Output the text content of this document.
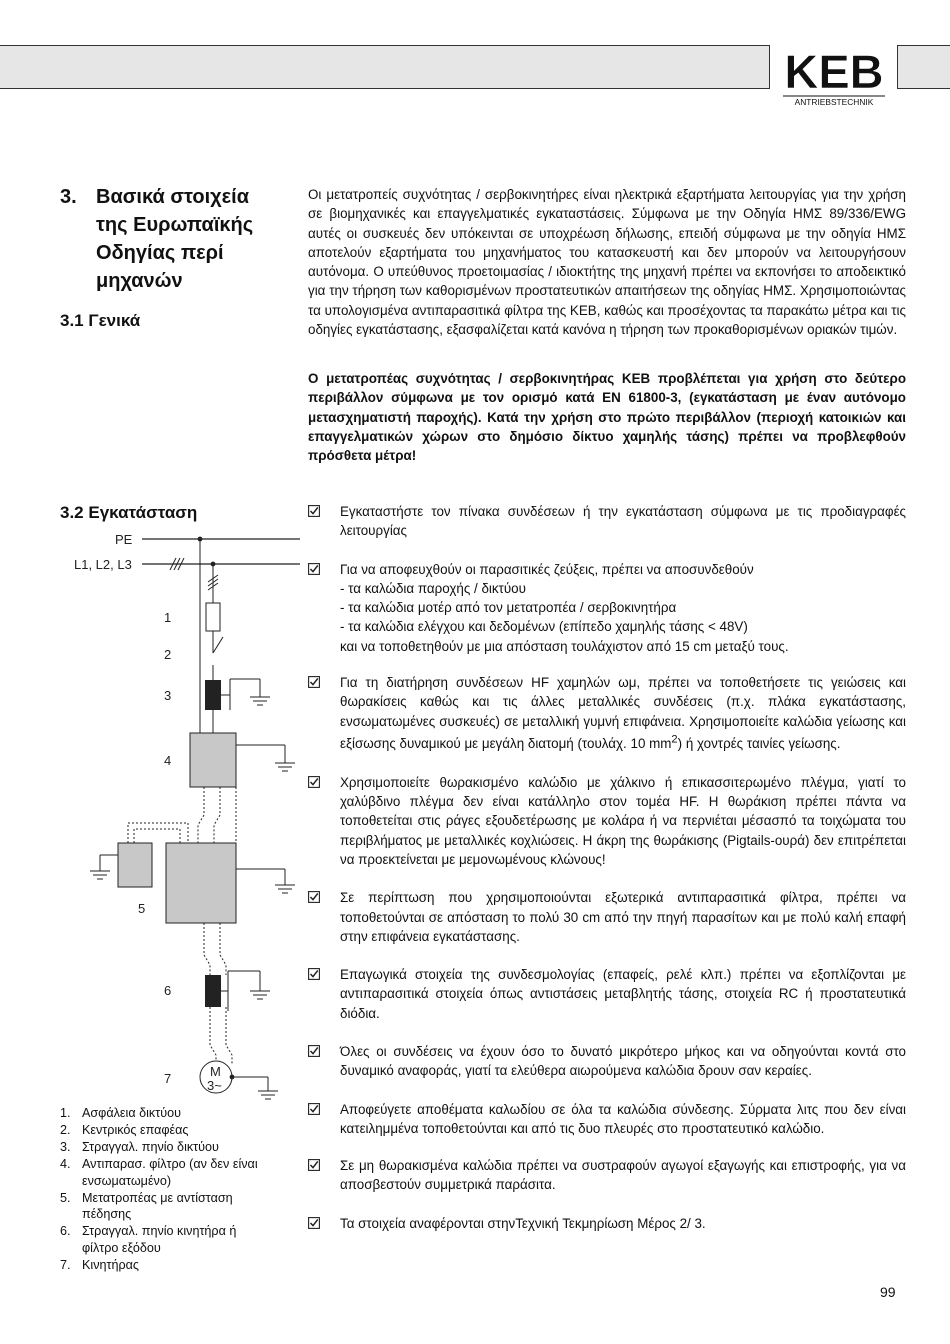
KEB
ANTRIEBSTECHNIK
3. Βασικά στοιχεία της Ευρωπαϊκής Οδηγίας περί μηχανών
3.1 Γενικά

Οι μετατροπείς συχνότητας / σερβοκινητήρες είναι ηλεκτρικά εξαρτήματα λειτουργίας για την χρήση σε βιομηχανικές και επαγγελματικές εγκαταστάσεις. Σύμφωνα με την Οδηγία ΗΜΣ 89/336/EWG αυτές οι συσκευές δεν υπόκεινται σε υποχρέωση δήλωσης, επειδή σύμφωνα με την οδηγία ΗΜΣ αποτελούν εξαρτήματα του μηχανήματος του κατασκευστή και δεν μπορούν να λειτουργήσουν αυτόνομα. Ο υπεύθυνος προετοιμασίας / ιδιοκτήτης της μηχανή πρέπει να εκπονήσει το αποδεικτικό για την τήρηση των καθορισμένων προστατευτικών απαιτήσεων της οδηγίας ΗΜΣ. Χρησιμοποιώντας τα υπολογισμένα αντιπαρασιτικά φίλτρα της KEB, καθώς και προσέχοντας τα παρακάτω μέτρα και τις οδηγίες εγκατάστασης, εξασφαλίζεται κατά κανόνα η τήρηση των προκαθορισμένων οριακών τιμών.

Ο μετατροπέας συχνότητας / σερβοκινητήρας KEB προβλέπεται για χρήση στο δεύτερο περιβάλλον σύμφωνα με τον ορισμό κατά EN 61800-3, (εγκατάσταση με έναν αυτόνομο μετασχηματιστή παροχής). Κατά την χρήση στο πρώτο περιβάλλον (περιοχή κατοικιών και επαγγελματικών χώρων στο δημόσιο δίκτυο χαμηλής τάσης) πρέπει να προβλεφθούν πρόσθετα μέτρα!

3.2 Εγκατάσταση	Εγκαταστήστε τον πίνακα συνδέσεων ή την εγκατάσταση σύμφωνα με τις προδιαγραφές λειτουργίας
Για να αποφευχθούν οι παρασιτικές ζεύξεις, πρέπει να αποσυνδεθούν
- τα καλώδια παροχής / δικτύου
- τα καλώδια μοτέρ από τον μετατροπέα / σερβοκινητήρα
- τα καλώδια ελέγχου και δεδομένων (επίπεδο χαμηλής τάσης < 48V)
και να τοποθετηθούν με μια απόσταση τουλάχιστον από 15 cm μεταξύ τους.
Για τη διατήρηση συνδέσεων HF χαμηλών ωμ, πρέπει να τοποθετήσετε τις γειώσεις και θωρακίσεις καθώς και τις άλλες μεταλλικές συνδέσεις (π.χ. πλάκα εγκατάστασης, ενσωματωμένες συσκευές) σε μεταλλική γυμνή επιφάνεια. Χρησιμοποιείτε καλώδια γείωσης και εξίσωσης δυναμικού με μεγάλη διατομή (τουλάχ. 10 $mm^2$) ή χοντρές ταινίες γείωσης.
Χρησιμοποιείτε θωρακισμένο καλώδιο με χάλκινο ή επικασσιτερωμένο πλέγμα, γιατί το χαλύβδινο πλέγμα δεν είναι κατάλληλο στον τομέα HF. Η θωράκιση πρέπει πάντα να τοποθετείται στις ράγες εξουδετέρωσης με κολάρα ή να περνιέται μέσασπό τα τοιχώματα του περιβλήματος με μεταλλικές κοχλιώσεις. Η άκρη της θωράκισης (Pigtails-ουρά) δεν επιτρέπεται να προεκτείνεται με μεμονωμένους κλώνους!
Σε περίπτωση που χρησιμοποιούνται εξωτερικά αντιπαρασιτικά φίλτρα, πρέπει να τοποθετούνται σε απόσταση το πολύ 30 cm από την πηγή παρασίτων και με πολύ καλή επαφή στην επιφάνεια εγκατάστασης.
Επαγωγικά στοιχεία της συνδεσμολογίας (επαφείς, ρελέ κλπ.) πρέπει να εξοπλίζονται με αντιπαρασιτικά στοιχεία όπως αντιστάσεις μεταβλητής τάσης, στοιχεία RC ή προστατευτικά διόδια.
Όλες οι συνδέσεις να έχουν όσο το δυνατό μικρότερο μήκος και να οδηγούνται κοντά στο δυναμικό αναφοράς, γιατί τα ελεύθερα αιωρούμενα καλώδια δρουν σαν κεραίες.
Αποφεύγετε αποθέματα καλωδίου σε όλα τα καλώδια σύνδεσης. Σύρματα λιτς που δεν είναι κατειλημμένα τοποθετούνται και από τις δυο πλευρές στο προστατευτικό καλώδιο.
Σε μη θωρακισμένα καλώδια πρέπει να συστραφούν αγωγοί εξαγωγής και επιστροφής, για να αποσβεστούν συμμετρικά παράσιτα.
Τα στοιχεία αναφέρονται στηνΤεχνική Τεκμηρίωση Μέρος 2/ 3.
PE
L1, L2, L3
1
2
3
4
5
6
7	M
3~
1. Ασφάλεια δικτύου
2. Κεντρικός επαφέας
3. Στραγγαλ. πηνίο δικτύου
4. Αντιπαρασ. φίλτρο (αν δεν είναι ενσωματωμένο)
5. Μετατροπέας με αντίσταση πέδησης
6. Στραγγαλ. πηνίο κινητήρα ή φίλτρο εξόδου
7. Κινητήρας
99
